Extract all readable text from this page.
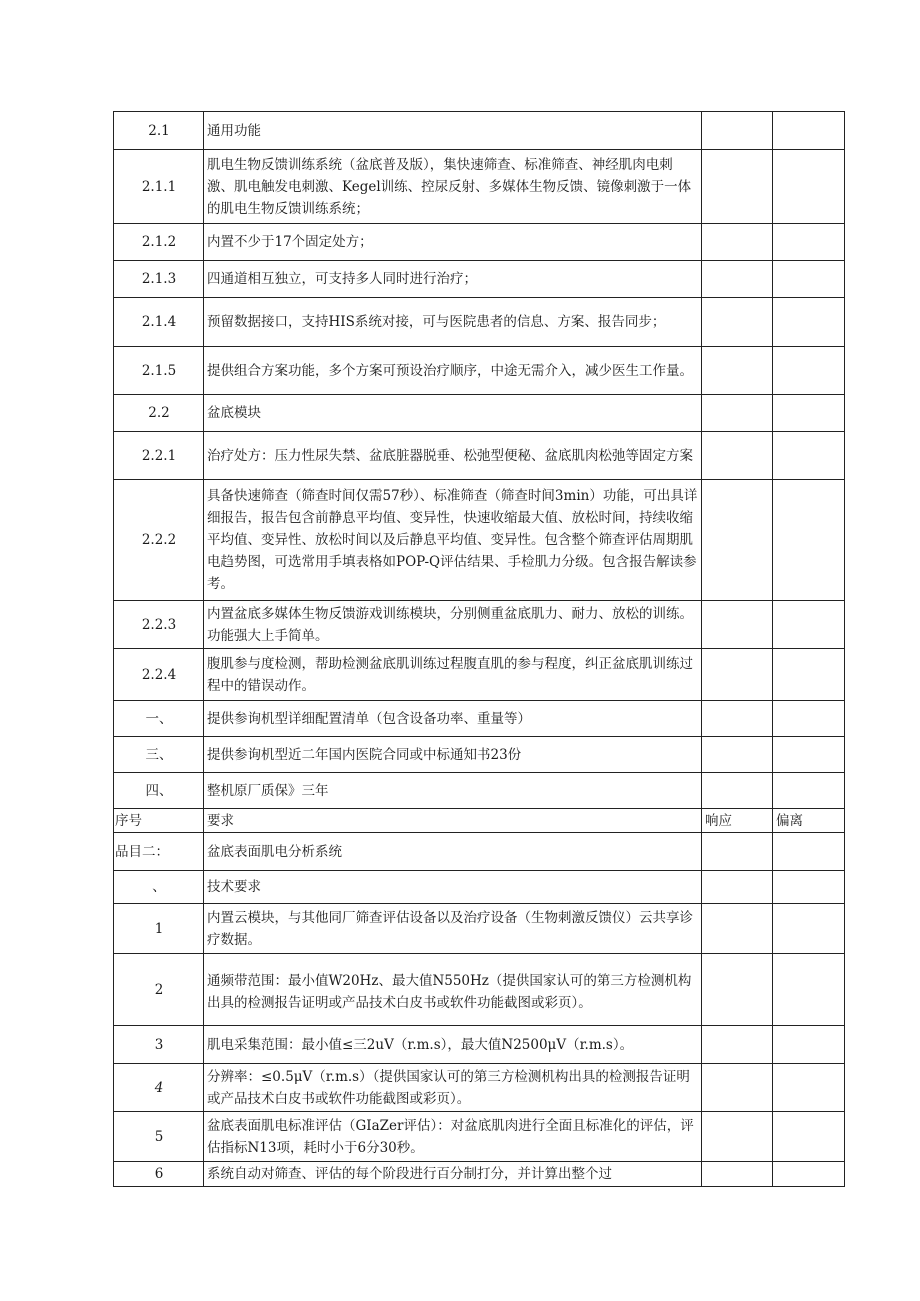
2.1	通用功能		
2.1.1	肌电生物反馈训练系统（盆底普及版），集快速筛查、标准筛查、神经肌肉电刺激、肌电触发电刺激、Kegel训练、控尿反射、多媒体生物反馈、镜像刺激于一体的肌电生物反馈训练系统；		
2.1.2	内置不少于17个固定处方；		
2.1.3	四通道相互独立，可支持多人同时进行治疗；		
2.1.4	预留数据接口，支持HIS系统对接，可与医院患者的信息、方案、报告同步；		
2.1.5	提供组合方案功能，多个方案可预设治疗顺序，中途无需介入，减少医生工作量。		
2.2	盆底模块		
2.2.1	治疗处方：压力性尿失禁、盆底脏器脱垂、松弛型便秘、盆底肌肉松弛等固定方案		
2.2.2	具备快速筛查（筛查时间仅需57秒）、标准筛查（筛查时间3min）功能，可出具详细报告，报告包含前静息平均值、变异性，快速收缩最大值、放松时间，持续收缩平均值、变异性、放松时间以及后静息平均值、变异性。包含整个筛查评估周期肌电趋势图，可选常用手填表格如POP-Q评估结果、手检肌力分级。包含报告解读参考。		
2.2.3	内置盆底多媒体生物反馈游戏训练模块，分别侧重盆底肌力、耐力、放松的训练。功能强大上手简单。		
2.2.4	腹肌参与度检测，帮助检测盆底肌训练过程腹直肌的参与程度，纠正盆底肌训练过程中的错误动作。		
一、	提供参询机型详细配置清单（包含设备功率、重量等）		
三、	提供参询机型近二年国内医院合同或中标通知书23份		
四、	整机原厂质保》三年		
序号	要求	响应	偏离
品目二：	盆底表面肌电分析系统		
、	技术要求		
1	内置云模块，与其他同厂筛查评估设备以及治疗设备（生物刺激反馈仪）云共享诊疗数据。		
2	通频带范围：最小值W20Hz、最大值N550Hz（提供国家认可的第三方检测机构出具的检测报告证明或产品技术白皮书或软件功能截图或彩页）。		
3	肌电采集范围：最小值≤三2uV（r.m.s），最大值N2500μV（r.m.s）。		
4	分辨率：≤0.5μV（r.m.s）（提供国家认可的第三方检测机构出具的检测报告证明或产品技术白皮书或软件功能截图或彩页）。		
5	盆底表面肌电标准评估（GIaZer评估）：对盆底肌肉进行全面且标准化的评估，评估指标N13项，耗时小于6分30秒。		
6	系统自动对筛查、评估的每个阶段进行百分制打分，并计算出整个过		
